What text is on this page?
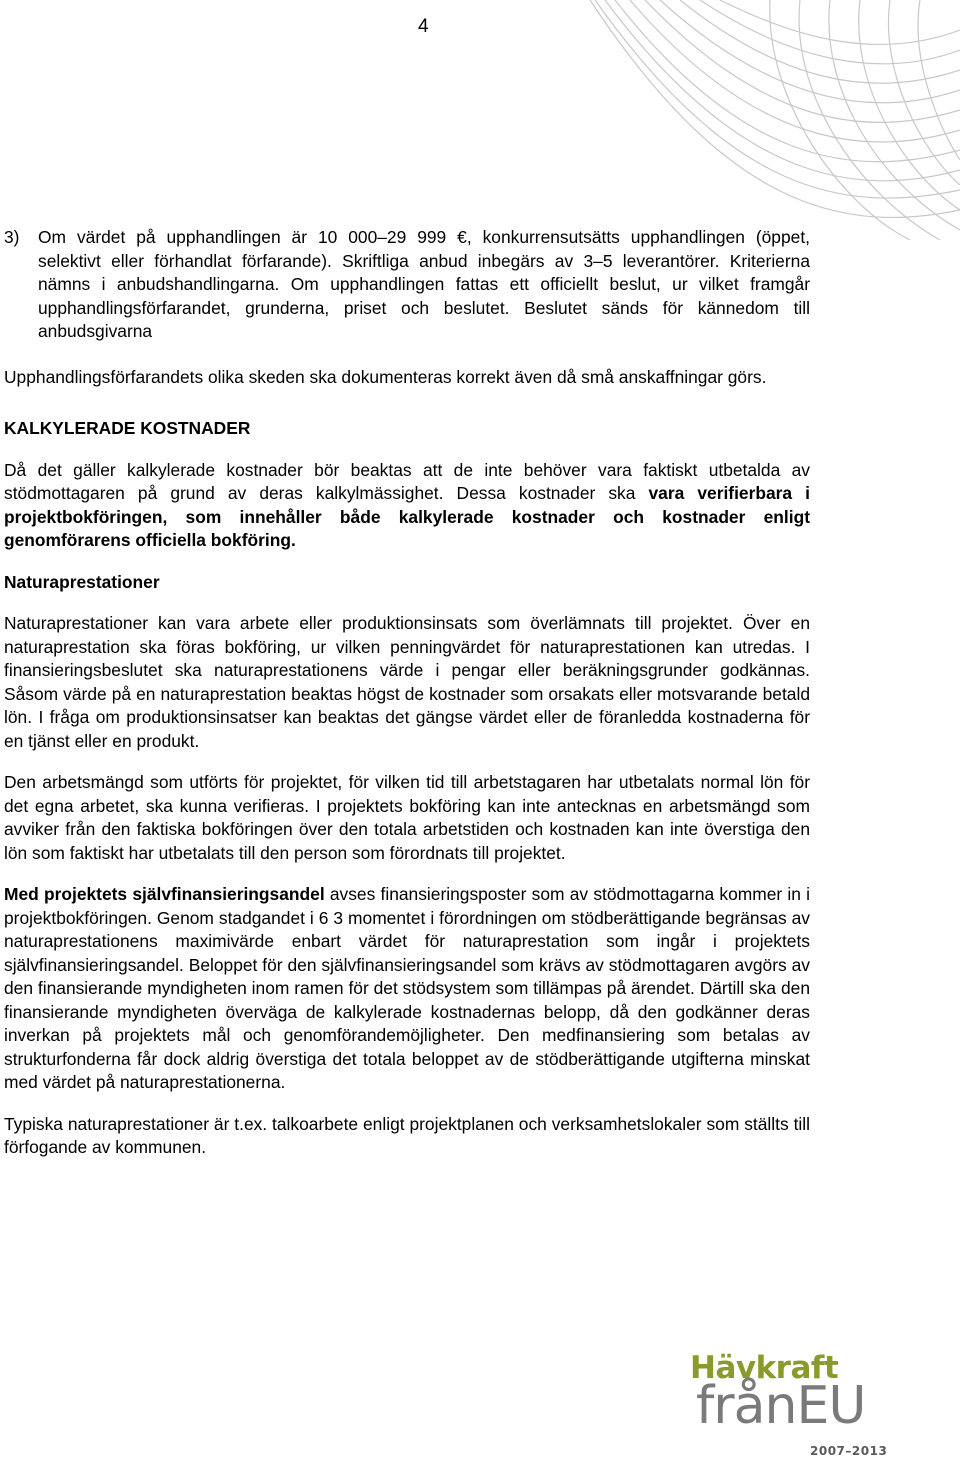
4
3)	Om värdet på upphandlingen är 10 000–29 999 €, konkurrensutsätts upphandlingen (öppet, selektivt eller förhandlat förfarande). Skriftliga anbud inbegärs av 3–5 leverantörer. Kriterierna nämns i anbudshandlingarna. Om upphandlingen fattas ett officiellt beslut, ur vilket framgår upphandlingsförfarandet, grunderna, priset och beslutet. Beslutet sänds för kännedom till anbudsgivarna

Upphandlingsförfarandets olika skeden ska dokumenteras korrekt även då små anskaffningar görs.

KALKYLERADE KOSTNADER

Då det gäller kalkylerade kostnader bör beaktas att de inte behöver vara faktiskt utbetalda av stödmottagaren på grund av deras kalkylmässighet. Dessa kostnader ska vara verifierbara i projektbokföringen, som innehåller både kalkylerade kostnader och kostnader enligt genomförarens officiella bokföring.

Naturaprestationer

Naturaprestationer kan vara arbete eller produktionsinsats som överlämnats till projektet. Över en naturaprestation ska föras bokföring, ur vilken penningvärdet för naturaprestationen kan utredas. I finansieringsbeslutet ska naturaprestationens värde i pengar eller beräkningsgrunder godkännas. Såsom värde på en naturaprestation beaktas högst de kostnader som orsakats eller motsvarande betald lön. I fråga om produktionsinsatser kan beaktas det gängse värdet eller de föranledda kostnaderna för en tjänst eller en produkt.

Den arbetsmängd som utförts för projektet, för vilken tid till arbetstagaren har utbetalats normal lön för det egna arbetet, ska kunna verifieras. I projektets bokföring kan inte antecknas en arbetsmängd som avviker från den faktiska bokföringen över den totala arbetstiden och kostnaden kan inte överstiga den lön som faktiskt har utbetalats till den person som förordnats till projektet.

Med projektets självfinansieringsandel avses finansieringsposter som av stödmottagarna kommer in i projektbokföringen. Genom stadgandet i 6 3 momentet i förordningen om stödberättigande begränsas av naturaprestationens maximivärde enbart värdet för naturaprestation som ingår i projektets självfinansieringsandel. Beloppet för den självfinansieringsandel som krävs av stödmottagaren avgörs av den finansierande myndigheten inom ramen för det stödsystem som tillämpas på ärendet. Därtill ska den finansierande myndigheten överväga de kalkylerade kostnadernas belopp, då den godkänner deras inverkan på projektets mål och genomförandemöjligheter. Den medfinansiering som betalas av strukturfonderna får dock aldrig överstiga det totala beloppet av de stödberättigande utgifterna minskat med värdet på naturaprestationerna.

Typiska naturaprestationer är t.ex. talkoarbete enligt projektplanen och verksamhetslokaler som ställts till förfogande av kommunen.

Hävkraft
frånEU
2007–2013
